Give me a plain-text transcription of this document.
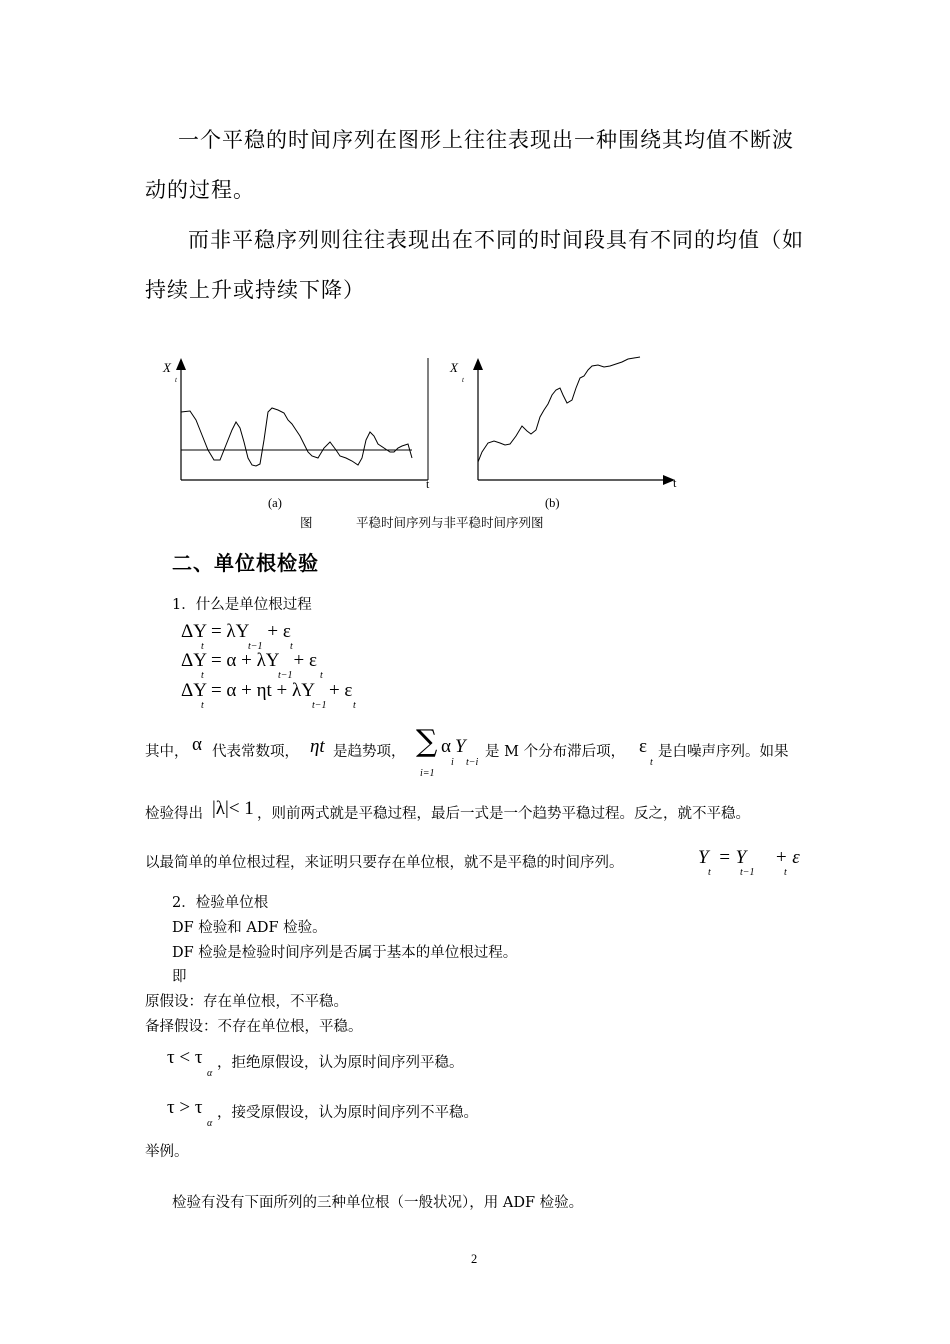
一个平稳的时间序列在图形上往往表现出一种围绕其均值不断波
动的过程。
而非平稳序列则往往表现出在不同的时间段具有不同的均值（如
持续上升或持续下降）
X
t
t
(a)
X
t
t
(b)
图	平稳时间序列与非平稳时间序列图
二、单位根检验
1．什么是单位根过程
ΔY = λY + ε
t	t−1	t
ΔY = α + λY + ε
t	t−1	t
ΔY = α + ηt + λY + ε
t	t−1	t
其中， α 代表常数项， ηt 是趋势项， ∑ α Y
i t−i
i=1
是 M 个分布滞后项， ε
t
是白噪声序列。如果
检验得出 |λ|< 1 ，则前两式就是平稳过程，最后一式是一个趋势平稳过程。反之，就不平稳。
以最简单的单位根过程，来证明只要存在单位根，就不是平稳的时间序列。	Y  = Y      + ε
t	t−1	t
2．检验单位根
DF 检验和 ADF 检验。
DF 检验是检验时间序列是否属于基本的单位根过程。
即
原假设：存在单位根，不平稳。
备择假设：不存在单位根，平稳。
τ < τ
α
，拒绝原假设，认为原时间序列平稳。
τ > τ
α
，接受原假设，认为原时间序列不平稳。
举例。
检验有没有下面所列的三种单位根（一般状况），用 ADF 检验。
2
